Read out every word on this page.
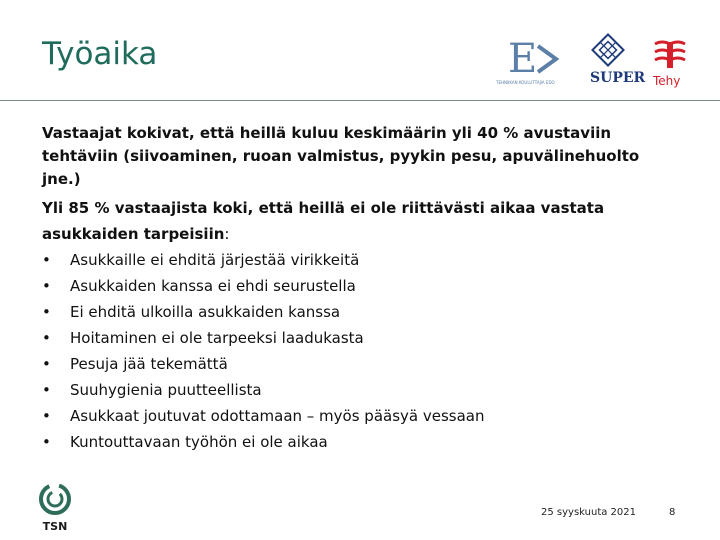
Työaika	E
TEHNIIKAN KOULUTTAJIA EDO	SUPER Tehy
Vastaajat kokivat, että heillä kuluu keskimäärin yli 40 % avustaviin tehtäviin (siivoaminen, ruoan valmistus, pyykin pesu, apuvälinehuolto jne.)
Yli 85 % vastaajista koki, että heillä ei ole riittävästi aikaa vastata asukkaiden tarpeisiin:
• Asukkaille ei ehditä järjestää virikkeitä
• Asukkaiden kanssa ei ehdi seurustella
• Ei ehditä ulkoilla asukkaiden kanssa
• Hoitaminen ei ole tarpeeksi laadukasta
• Pesuja jää tekemättä
• Suuhygienia puutteellista
• Asukkaat joutuvat odottamaan – myös pääsyä vessaan
• Kuntouttavaan työhön ei ole aikaa
TSN
25 syyskuuta 2021	8
